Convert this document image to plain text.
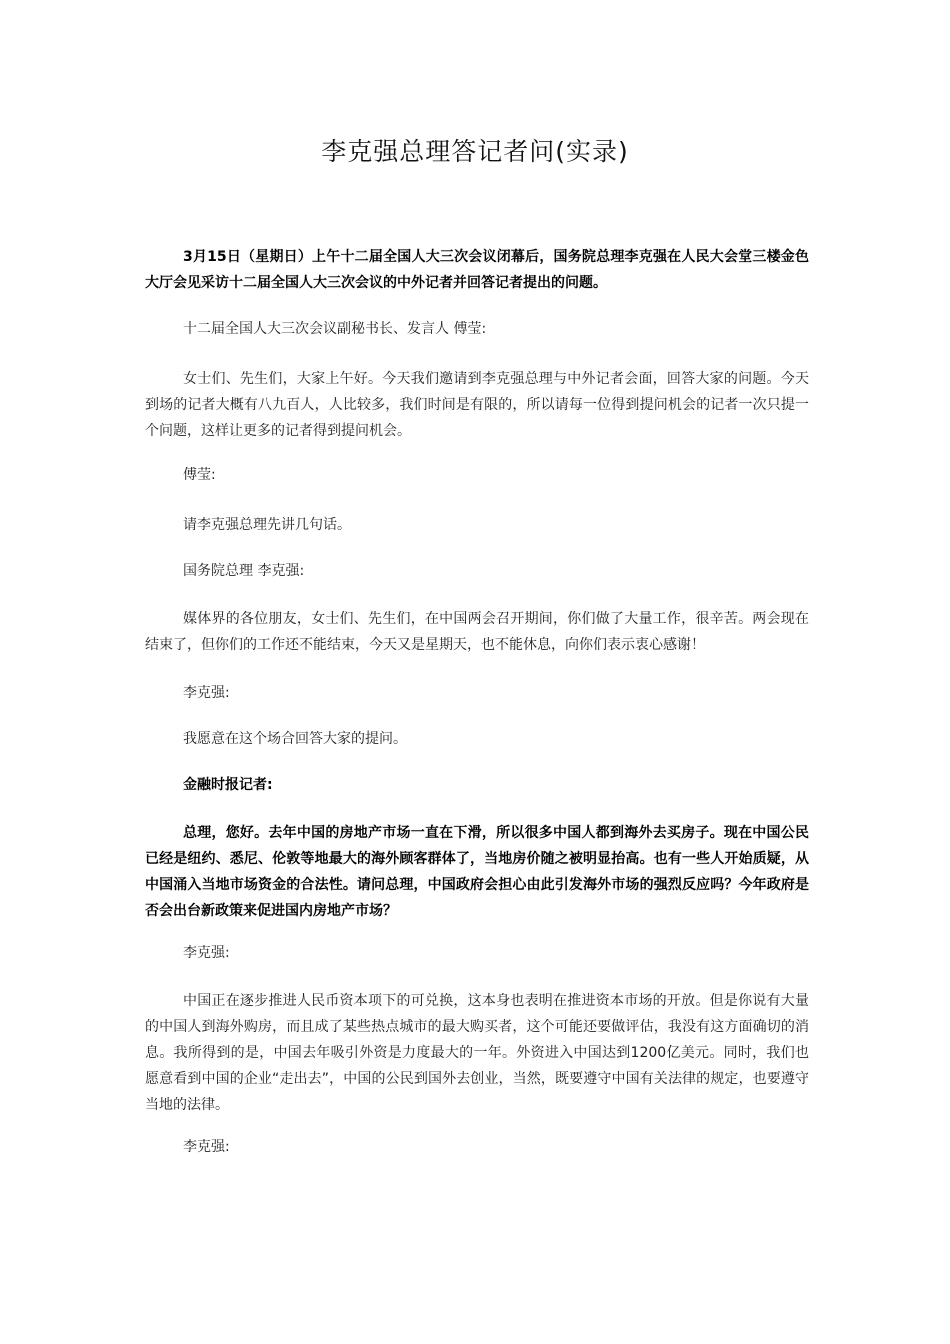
李克强总理答记者问(实录)

3月15日（星期日）上午十二届全国人大三次会议闭幕后，国务院总理李克强在人民大会堂三楼金色大厅会见采访十二届全国人大三次会议的中外记者并回答记者提出的问题。

十二届全国人大三次会议副秘书长、发言人 傅莹:

女士们、先生们，大家上午好。今天我们邀请到李克强总理与中外记者会面，回答大家的问题。今天到场的记者大概有八九百人，人比较多，我们时间是有限的，所以请每一位得到提问机会的记者一次只提一个问题，这样让更多的记者得到提问机会。

傅莹:

请李克强总理先讲几句话。

国务院总理 李克强:

媒体界的各位朋友，女士们、先生们，在中国两会召开期间，你们做了大量工作，很辛苦。两会现在结束了，但你们的工作还不能结束，今天又是星期天，也不能休息，向你们表示衷心感谢！

李克强:

我愿意在这个场合回答大家的提问。

金融时报记者:

总理，您好。去年中国的房地产市场一直在下滑，所以很多中国人都到海外去买房子。现在中国公民已经是纽约、悉尼、伦敦等地最大的海外顾客群体了，当地房价随之被明显抬高。也有一些人开始质疑，从中国涌入当地市场资金的合法性。请问总理，中国政府会担心由此引发海外市场的强烈反应吗？今年政府是否会出台新政策来促进国内房地产市场？

李克强:

中国正在逐步推进人民币资本项下的可兑换，这本身也表明在推进资本市场的开放。但是你说有大量的中国人到海外购房，而且成了某些热点城市的最大购买者，这个可能还要做评估，我没有这方面确切的消息。我所得到的是，中国去年吸引外资是力度最大的一年。外资进入中国达到1200亿美元。同时，我们也愿意看到中国的企业“走出去”，中国的公民到国外去创业，当然，既要遵守中国有关法律的规定，也要遵守当地的法律。

李克强:
